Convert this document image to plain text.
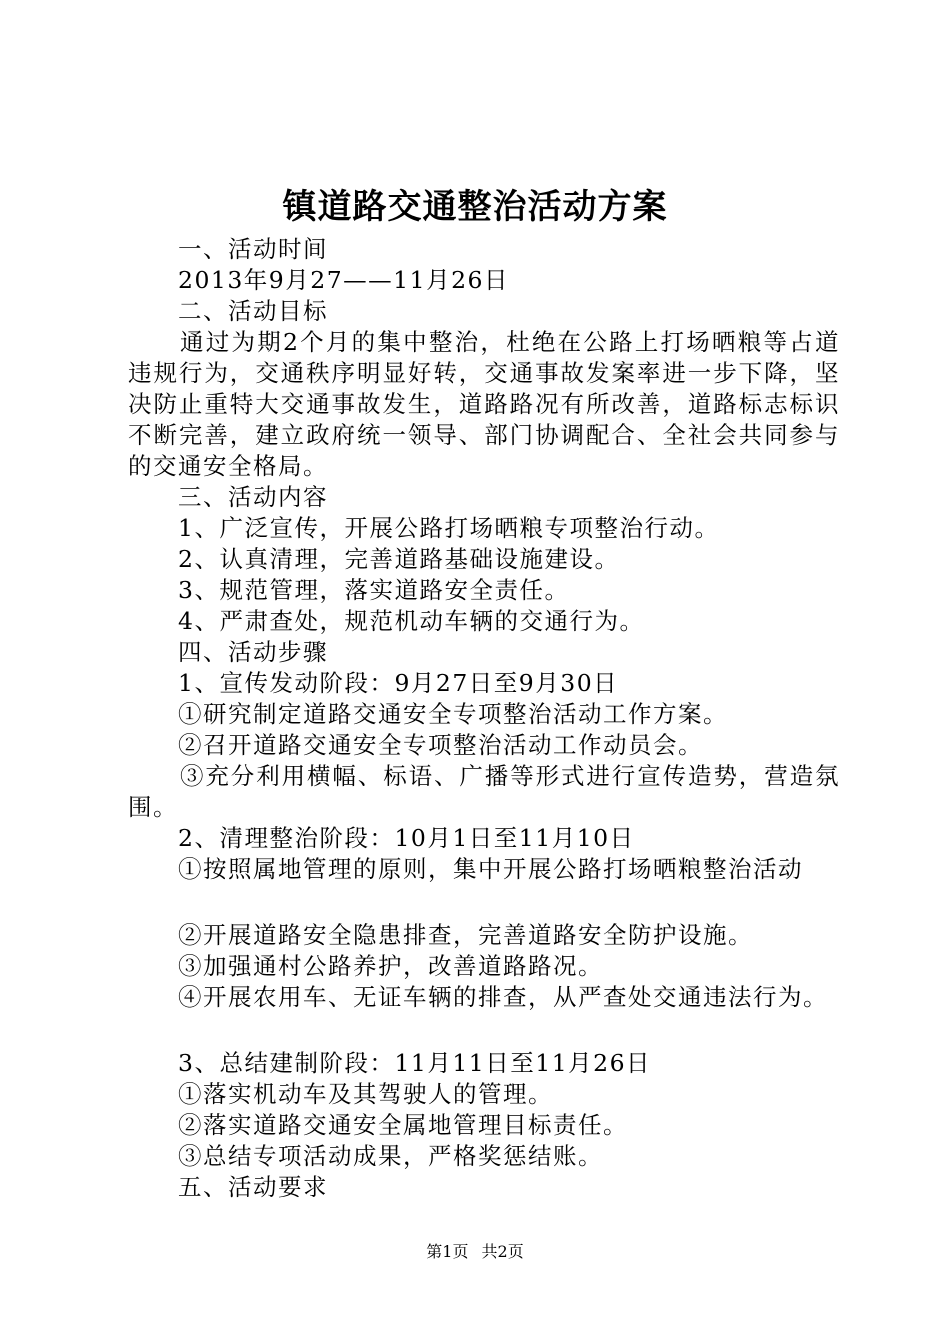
镇道路交通整治活动方案
一、活动时间
2013年9月27——11月26日
二、活动目标
通过为期2个月的集中整治，杜绝在公路上打场晒粮等占道违规行为，交通秩序明显好转，交通事故发案率进一步下降，坚决防止重特大交通事故发生，道路路况有所改善，道路标志标识不断完善，建立政府统一领导、部门协调配合、全社会共同参与的交通安全格局。
三、活动内容
1、广泛宣传，开展公路打场晒粮专项整治行动。
2、认真清理，完善道路基础设施建设。
3、规范管理，落实道路安全责任。
4、严肃查处，规范机动车辆的交通行为。
四、活动步骤
1、宣传发动阶段：9月27日至9月30日
①研究制定道路交通安全专项整治活动工作方案。
②召开道路交通安全专项整治活动工作动员会。
③充分利用横幅、标语、广播等形式进行宣传造势，营造氛围。
2、清理整治阶段：10月1日至11月10日
①按照属地管理的原则，集中开展公路打场晒粮整治活动
②开展道路安全隐患排查，完善道路安全防护设施。
③加强通村公路养护，改善道路路况。
④开展农用车、无证车辆的排查，从严查处交通违法行为。
3、总结建制阶段：11月11日至11月26日
①落实机动车及其驾驶人的管理。
②落实道路交通安全属地管理目标责任。
③总结专项活动成果，严格奖惩结账。
五、活动要求
第1页 共2页
